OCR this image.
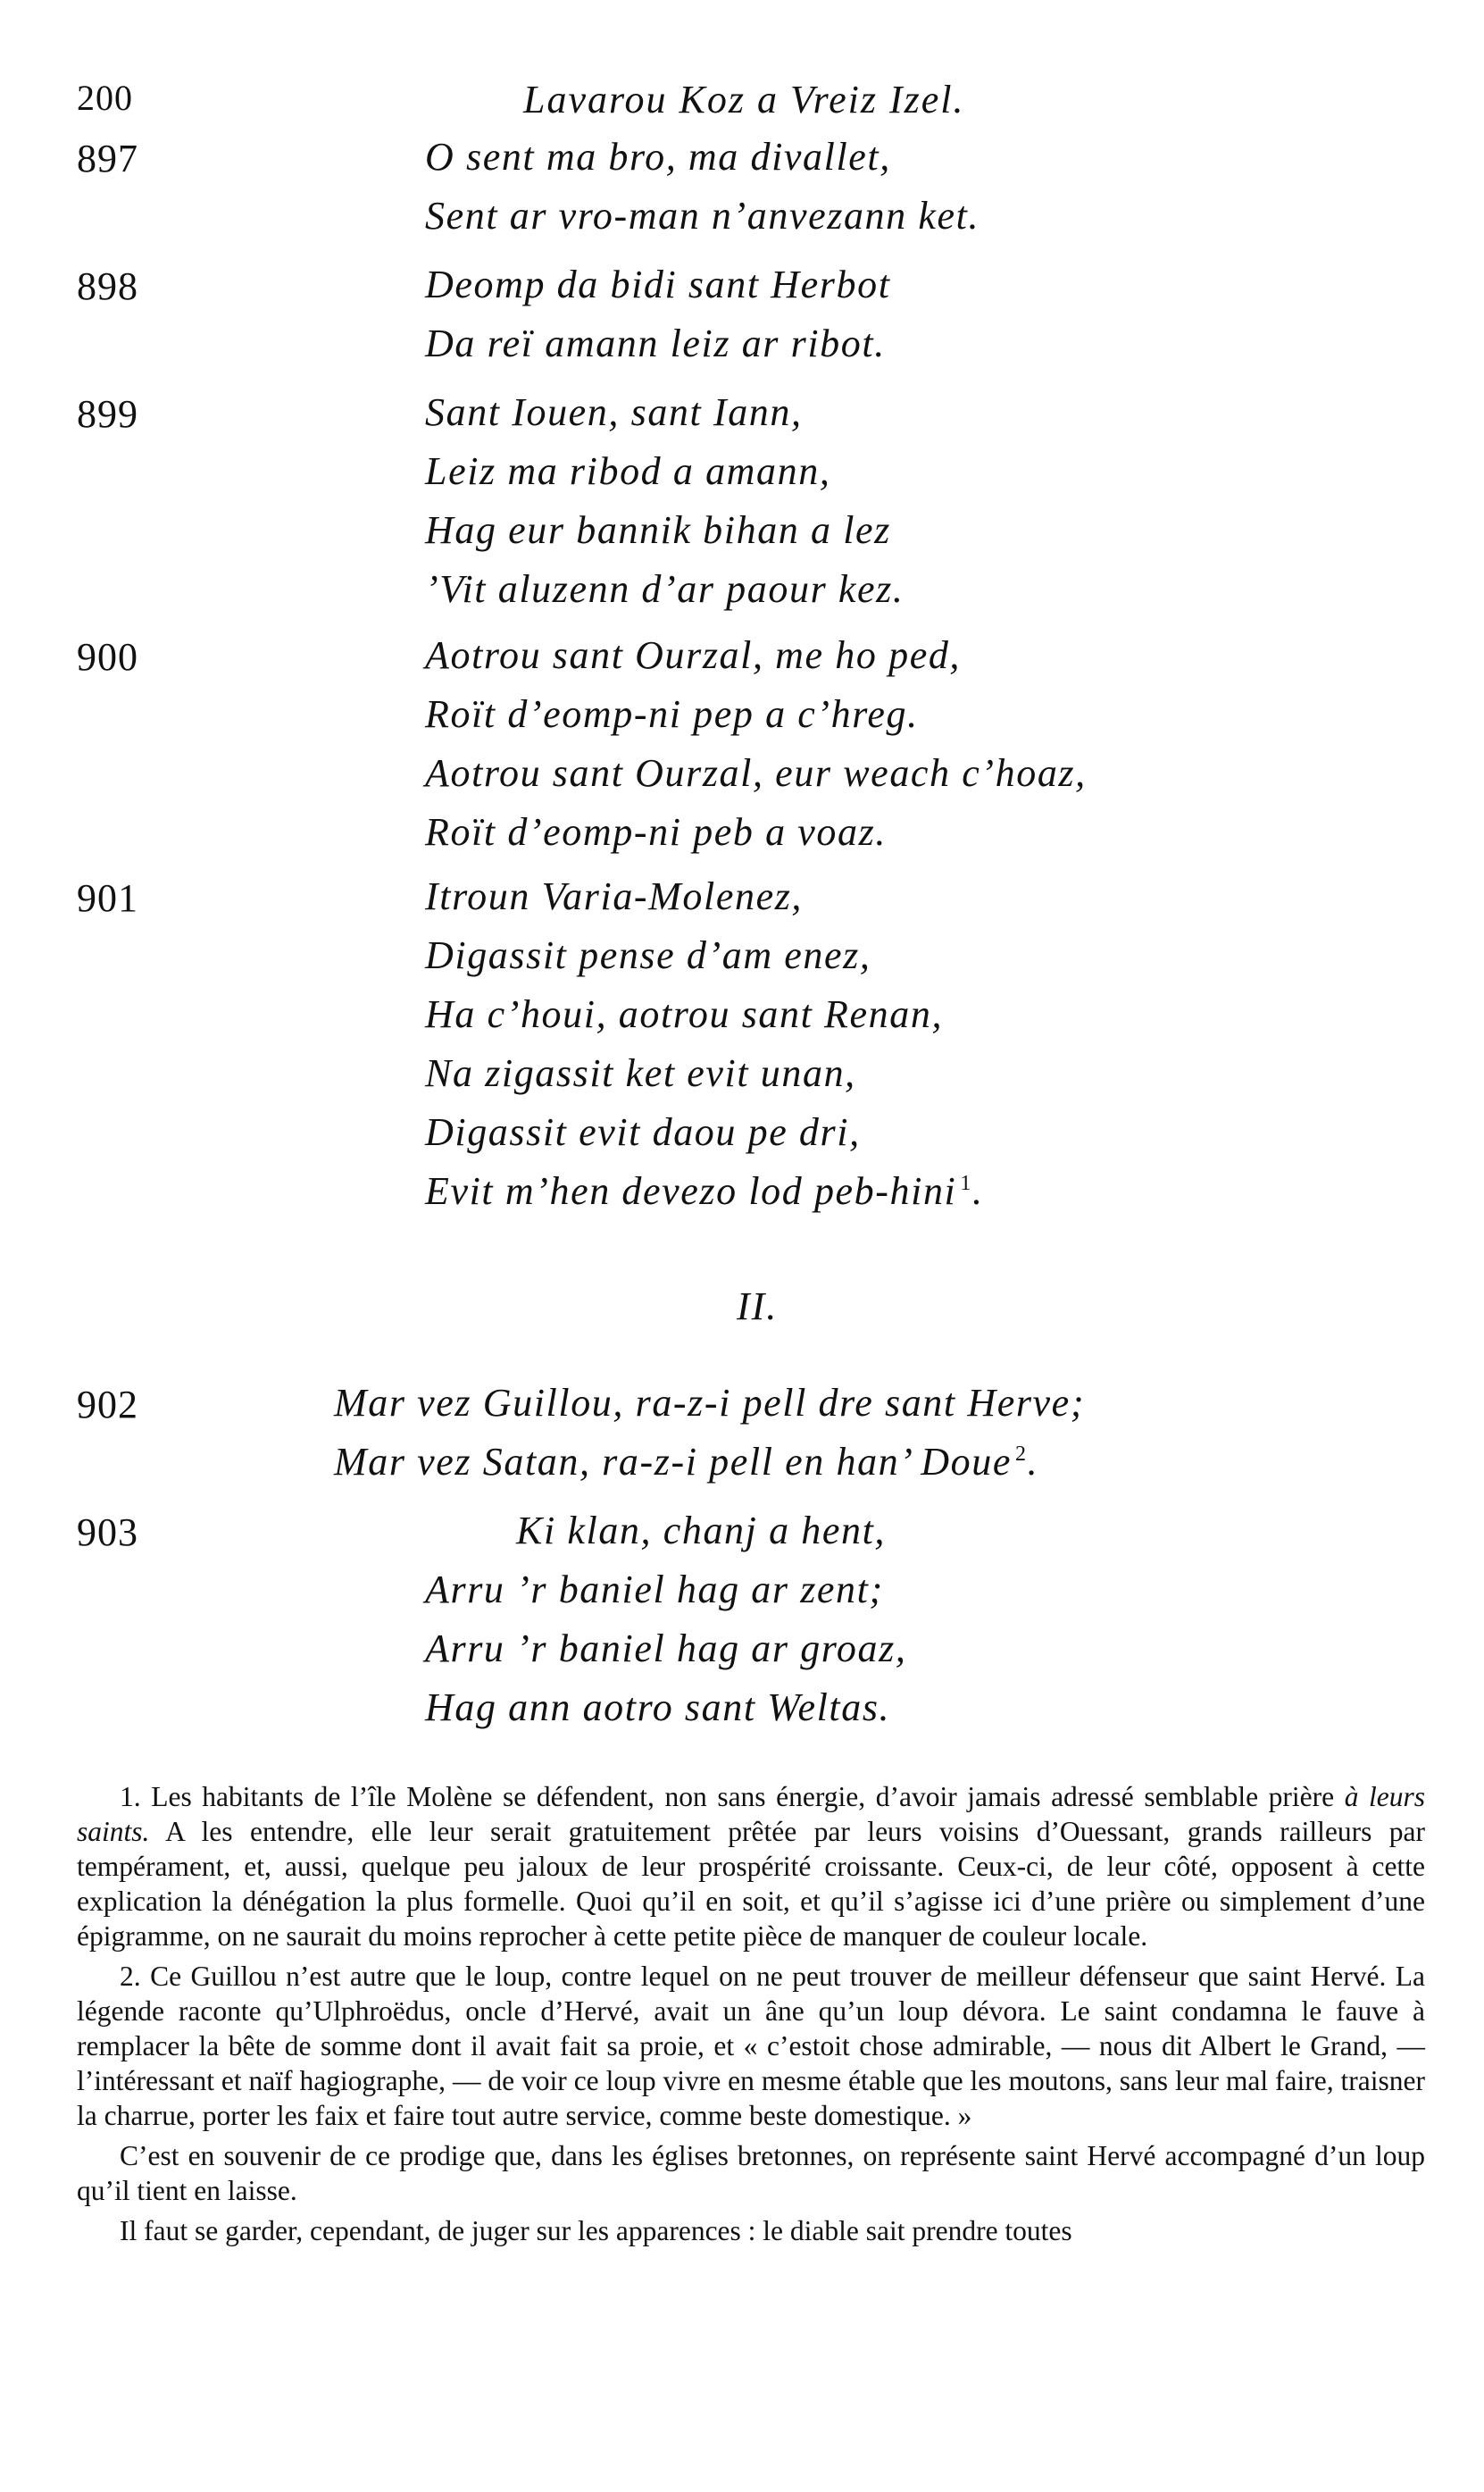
200	Lavarou Koz a Vreiz Izel.
897	O sent ma bro, ma divallet,
Sent ar vro-man n’anvezann ket.
898	Deomp da bidi sant Herbot
Da reï amann leiz ar ribot.
899	Sant Iouen, sant Iann,
Leiz ma ribod a amann,
Hag eur bannik bihan a lez
’Vit aluzenn d’ar paour kez.
900	Aotrou sant Ourzal, me ho ped,
Roït d’eomp-ni pep a c’hreg.
Aotrou sant Ourzal, eur weach c’hoaz,
Roït d’eomp-ni peb a voaz.
901	Itroun Varia-Molenez,
Digassit pense d’am enez,
Ha c’houi, aotrou sant Renan,
Na zigassit ket evit unan,
Digassit evit daou pe dri,
Evit m’hen devezo lod peb-hini $^1$.
II.
902	Mar vez Guillou, ra-z-i pell dre sant Herve;
Mar vez Satan, ra-z-i pell en han’ Doue $^2$.
903	Ki klan, chanj a hent,
Arru ’r baniel hag ar zent;
Arru ’r baniel hag ar groaz,
Hag ann aotro sant Weltas.

1. Les habitants de l’île Molène se défendent, non sans énergie, d’avoir jamais adressé semblable prière à leurs saints. A les entendre, elle leur serait gratuitement prêtée par leurs voisins d’Ouessant, grands railleurs par tempérament, et, aussi, quelque peu jaloux de leur prospérité croissante. Ceux-ci, de leur côté, opposent à cette explication la dénégation la plus formelle. Quoi qu’il en soit, et qu’il s’agisse ici d’une prière ou simplement d’une épigramme, on ne saurait du moins reprocher à cette petite pièce de manquer de couleur locale.

2. Ce Guillou n’est autre que le loup, contre lequel on ne peut trouver de meilleur défenseur que saint Hervé. La légende raconte qu’Ulphroëdus, oncle d’Hervé, avait un âne qu’un loup dévora. Le saint condamna le fauve à remplacer la bête de somme dont il avait fait sa proie, et « c’estoit chose admirable, — nous dit Albert le Grand, — l’intéressant et naïf hagiographe, — de voir ce loup vivre en mesme étable que les moutons, sans leur mal faire, traisner la charrue, porter les faix et faire tout autre service, comme beste domestique. »

C’est en souvenir de ce prodige que, dans les églises bretonnes, on représente saint Hervé accompagné d’un loup qu’il tient en laisse.

Il faut se garder, cependant, de juger sur les apparences : le diable sait prendre toutes
